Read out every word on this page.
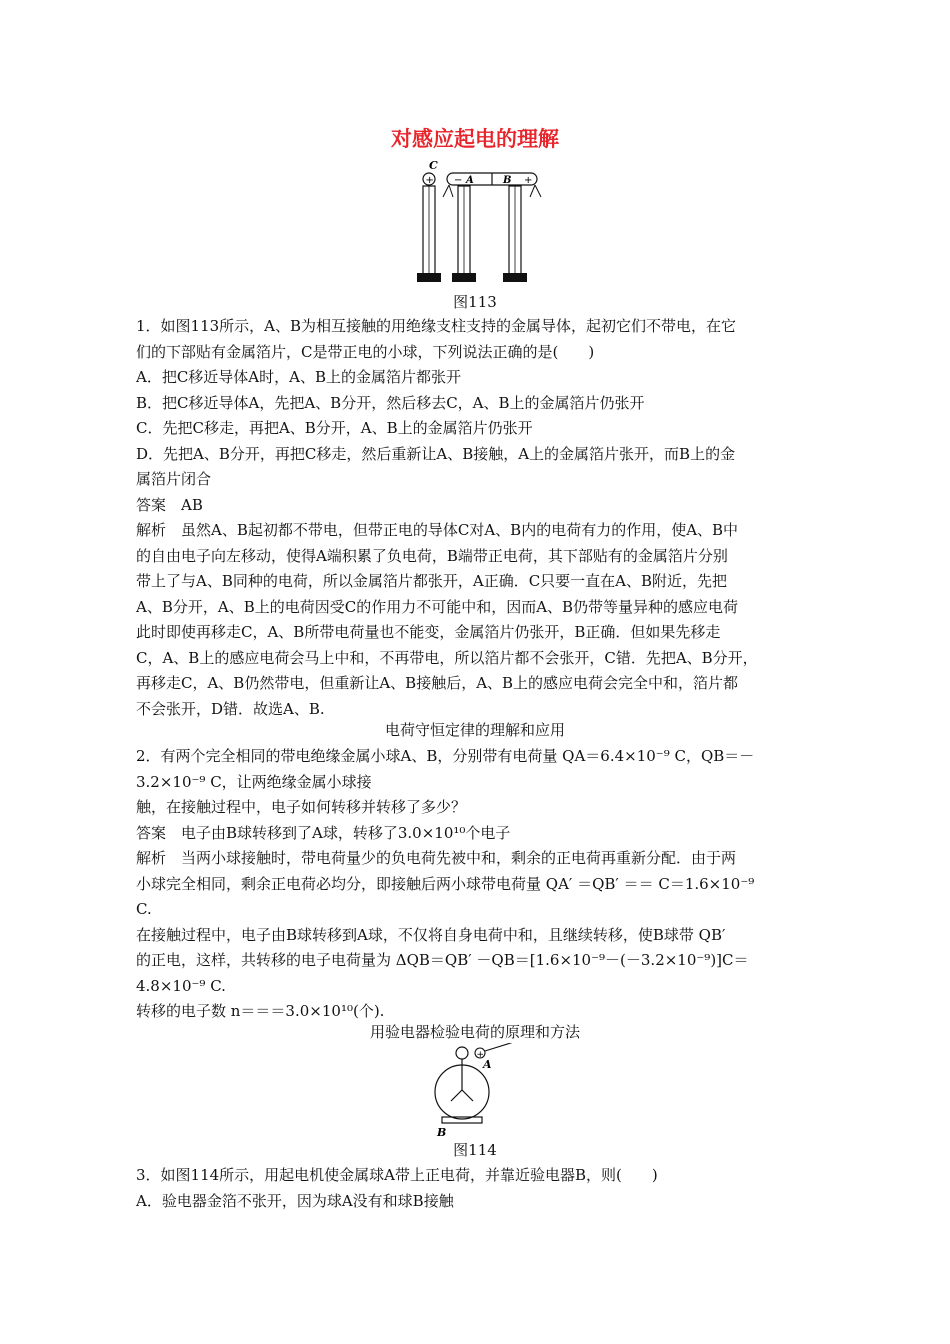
对感应起电的理解
C
+ − A	B +
图113
1．如图113所示，A、B为相互接触的用绝缘支柱支持的金属导体，起初它们不带电，在它
们的下部贴有金属箔片，C是带正电的小球，下列说法正确的是(　　)
A．把C移近导体A时，A、B上的金属箔片都张开
B．把C移近导体A，先把A、B分开，然后移去C，A、B上的金属箔片仍张开
C．先把C移走，再把A、B分开，A、B上的金属箔片仍张开
D．先把A、B分开，再把C移走，然后重新让A、B接触，A上的金属箔片张开，而B上的金
属箔片闭合
答案　AB
解析　虽然A、B起初都不带电，但带正电的导体C对A、B内的电荷有力的作用，使A、B中
的自由电子向左移动，使得A端积累了负电荷，B端带正电荷，其下部贴有的金属箔片分别
带上了与A、B同种的电荷，所以金属箔片都张开，A正确．C只要一直在A、B附近，先把
A、B分开，A、B上的电荷因受C的作用力不可能中和，因而A、B仍带等量异种的感应电荷
此时即使再移走C，A、B所带电荷量也不能变，金属箔片仍张开，B正确．但如果先移走
C，A、B上的感应电荷会马上中和，不再带电，所以箔片都不会张开，C错．先把A、B分开，
再移走C，A、B仍然带电，但重新让A、B接触后，A、B上的感应电荷会完全中和，箔片都
不会张开，D错．故选A、B.
电荷守恒定律的理解和应用
2．有两个完全相同的带电绝缘金属小球A、B，分别带有电荷量 QA＝6.4×10⁻⁹ C，QB＝－
3.2×10⁻⁹ C，让两绝缘金属小球接
触，在接触过程中，电子如何转移并转移了多少？
答案　电子由B球转移到了A球，转移了3.0×10¹⁰个电子
解析　当两小球接触时，带电荷量少的负电荷先被中和，剩余的正电荷再重新分配．由于两
小球完全相同，剩余正电荷必均分，即接触后两小球带电荷量 QA′ ＝QB′ ＝＝ C＝1.6×10⁻⁹
C.
在接触过程中，电子由B球转移到A球，不仅将自身电荷中和，且继续转移，使B球带 QB′
的正电，这样，共转移的电子电荷量为 ΔQB＝QB′ －QB＝[1.6×10⁻⁹－(－3.2×10⁻⁹)]C＝
4.8×10⁻⁹ C.
转移的电子数 n＝＝＝3.0×10¹⁰(个).
用验电器检验电荷的原理和方法
+
A
B
图114
3．如图114所示，用起电机使金属球A带上正电荷，并靠近验电器B，则(　　)
A．验电器金箔不张开，因为球A没有和球B接触
